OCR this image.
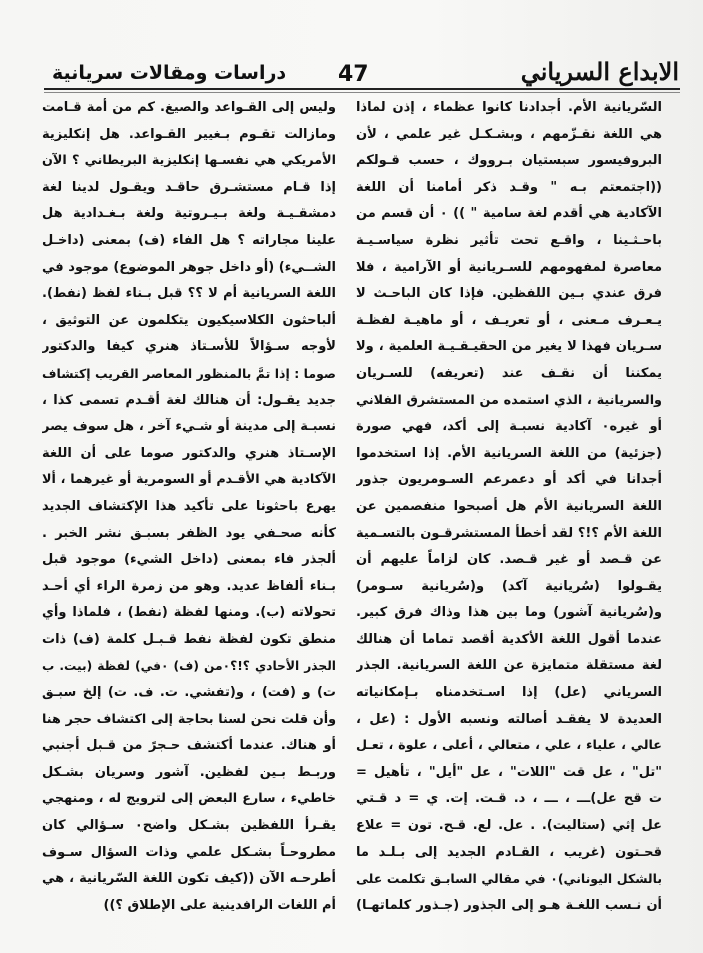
الابداع السرياني
47
دراسات ومقالات سريانية
السّريانية الأم. أجدادنا كانوا عظماء ، إذن لماذا
هي اللغة نقـزّمهم ، وبشـكـل غير علمي ، لأن
البروفيسور سبستيان بـرووك ، حسب قـولكم
((اجتمعتم بـه " وقـد ذكر أمامنا أن اللغة
الآكادية هي أقدم لغة سامية " )) ٠ أن قسم من
باحـثـينا ، واقـع تحت تأثير نظرة سياسـيـة
معاصرة لمفهومهم للسـريانية أو الآرامية ، فلا
فرق عندي بـين اللفظين. فإذا كان الباحـث لا
يـعـرف مـعنى ، أو تعريـف ، أو ماهيـة لفظـة
سـريان فهذا لا يغير من الحقيـقـيـة العلمية ، ولا
يمكننا أن نقـف عند (تعريفه) للسـريان
والسريانية ، الذي استمده من المستشرق الفلاني
أو غيره٠ آكادية نسبـة إلى أكد، فهي صورة
(جزئية) من اللغة السريانية الأم. إذا استخدموا
أجدانا في أكد أو دعمرعم السـومريون جذور
اللغة السريانية الأم هل أصبحوا منفصمين عن
اللغة الأم ؟!؟ لقد أخطأ المستشرقـون بالتسـمية
عن قـصد أو غير قـصد. كان لزاماً عليهم أن
يقـولوا (سُريانية آكد) و(سُريانية سـومر)
و(سُريانية آشور) وما بين هذا وذاك فرق كبير.
عندما أقول اللغة الأكدية أقصد تماما أن هنالك
لغة مستقلة متمايزة عن اللغة السريانية. الجذر
السرياني (عل) إذا اسـتخدمناه بـإمكانياته
العديدة لا يفقـد أصالته ونسبه الأول : (عل ،
عالي ، علياء ، علي ، متعالي ، أعلى ، علوة ، تعـل
"تل" ، عل قت "اللات" ، عل "أيل" ، تأهيل =
ت قح عل)ـــ ، ـــ ، د. قـت. إت. ي = د قـتي
عل إثي (ستاليت). . عل. لع. قـح. تون = علاع
قحـتون (غريب ، القـادم الجديد إلى بـلـد ما
بالشكل اليوناني)٠ في مقالي السابـق تكلمت على
أن نـسب اللغـة هـو إلى الجذور (جـذور كلماتهـا)
وليس إلى القـواعد والصيغ. كم من أمة قـامت
ومازالت تقـوم بـغيير القـواعد. هل إنكليزية
الأمريكي هي نفسـها إنكليزية البريطاني ؟ الآن
إذا قـام مستشـرق حاقـد ويقـول لدينا لغة
دمشقـيـة ولغة بـيـروتية ولغة بـغـدادية هل
علينا مجاراته ؟ هل الفاء (ف) بمعنى (داخـل
الشــيء) (أو داخل جوهر الموضوع) موجود في
اللغة السريانية أم لا ؟؟ قبل بـناء لفظ (نفط).
ألباحثون الكلاسيكيون يتكلمون عن التوثيق ،
لأوجه سـؤالاً للأسـتاذ هنري كيفا والدكتور
صوما : إذا تمَّ بالمنظور المعاصر القريب إكتشاف
جديد يقـول: أن هنالك لغة أقـدم تسمى كذا ،
نسبـة إلى مدينة أو شـيء آخر ، هل سوف يصر
الإسـتاذ هنري والدكتور صوما على أن اللغة
الآكادية هي الأقـدم أو السومرية أو غيرهما ، ألا
يهرع باحثونا على تأكيد هذا الإكتشاف الجديد
كأنه صحـفي يود الظفر بسبـق نشر الخبر .
ألجذر فاء بمعنى (داخل الشيء) موجود قبل
بـناء ألفاظ عديد. وهو من زمرة الراء أي أحـد
تحولاته (ب). ومنها لفظة (نفط) ، فلماذا وأي
منطق تكون لفظة نفط قـبـل كلمة (ف) ذات
الجذر الأحادي ؟!؟٠من (ف) ٠في) لفظة (بيت. ب
ت) و (فت) ، و(تفشي. ت. ف. ت) إلخ سبـق
وأن قلت نحن لسنا بحاجة إلى اكتشاف حجر هنا
أو هناك. عندما أكتشف حـجرً من قـبل أجنبي
وربـط بـين لفظين. آشور وسريان بشـكل
خاطيء ، سارع البعض إلى لترويج له ، ومنهجي
يقـرأ اللفظين بشـكل واضح٠ سـؤالي كان
مطروحـاً بشـكل علمي وذات السؤال سـوف
أطرحـه الآن ((كيف تكون اللغة السّريانية ، هي
أم اللغات الرافدينية على الإطلاق ؟))
